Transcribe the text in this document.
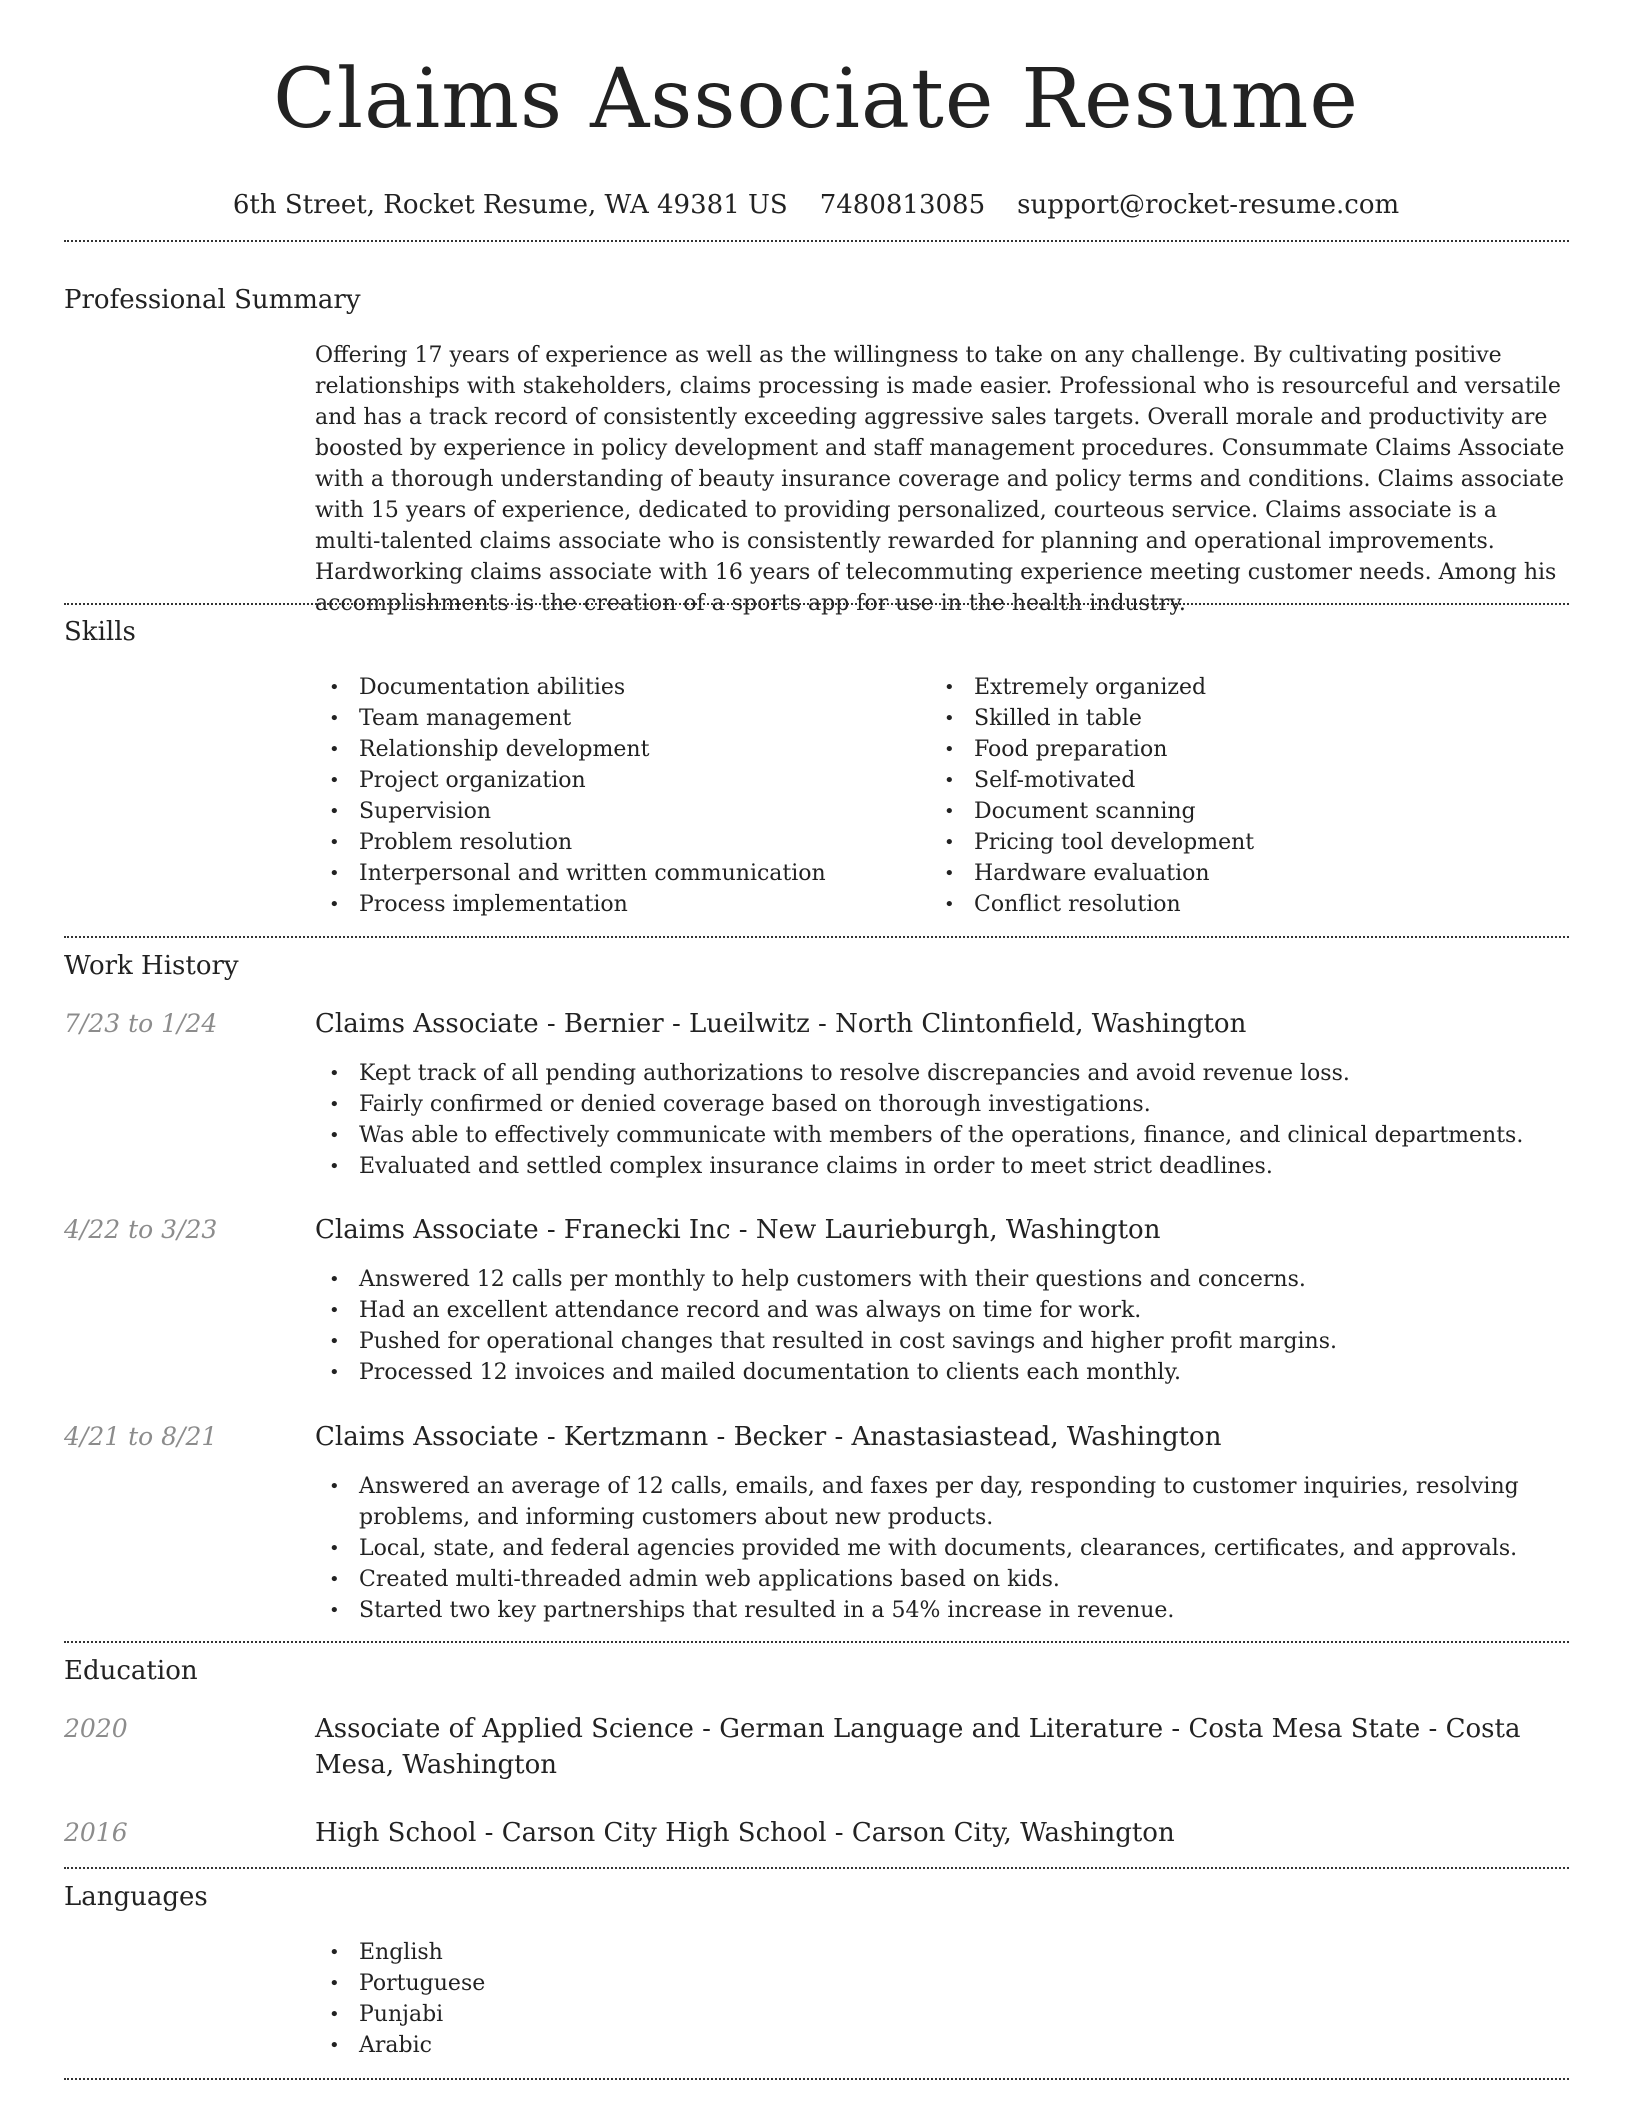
Claims Associate Resume
6th Street, Rocket Resume, WA 49381 US 7480813085 support@rocket-resume.com
Professional Summary

Offering 17 years of experience as well as the willingness to take on any challenge. By cultivating positive relationships with stakeholders, claims processing is made easier. Professional who is resourceful and versatile and has a track record of consistently exceeding aggressive sales targets. Overall morale and productivity are boosted by experience in policy development and staff management procedures. Consummate Claims Associate with a thorough understanding of beauty insurance coverage and policy terms and conditions. Claims associate with 15 years of experience, dedicated to providing personalized, courteous service. Claims associate is a multi-talented claims associate who is consistently rewarded for planning and operational improvements. Hardworking claims associate with 16 years of telecommuting experience meeting customer needs. Among his accomplishments is the creation of a sports app for use in the health industry.

Skills
• Documentation abilities
• Team management
• Relationship development
• Project organization
• Supervision
• Problem resolution
• Interpersonal and written communication
• Process implementation
• Extremely organized
• Skilled in table
• Food preparation
• Self-motivated
• Document scanning
• Pricing tool development
• Hardware evaluation
• Conflict resolution
Work History
7/23 to 1/24	Claims Associate - Bernier - Lueilwitz - North Clintonfield, Washington
• Kept track of all pending authorizations to resolve discrepancies and avoid revenue loss.
• Fairly confirmed or denied coverage based on thorough investigations.
• Was able to effectively communicate with members of the operations, finance, and clinical departments.
• Evaluated and settled complex insurance claims in order to meet strict deadlines.
4/22 to 3/23	Claims Associate - Franecki Inc - New Laurieburgh, Washington
• Answered 12 calls per monthly to help customers with their questions and concerns.
• Had an excellent attendance record and was always on time for work.
• Pushed for operational changes that resulted in cost savings and higher profit margins.
• Processed 12 invoices and mailed documentation to clients each monthly.
4/21 to 8/21	Claims Associate - Kertzmann - Becker - Anastasiastead, Washington
• Answered an average of 12 calls, emails, and faxes per day, responding to customer inquiries, resolving problems, and informing customers about new products.
• Local, state, and federal agencies provided me with documents, clearances, certificates, and approvals.
• Created multi-threaded admin web applications based on kids.
• Started two key partnerships that resulted in a 54% increase in revenue.
Education
2020	Associate of Applied Science - German Language and Literature - Costa Mesa State - Costa Mesa, Washington
2016	High School - Carson City High School - Carson City, Washington
Languages
• English
• Portuguese
• Punjabi
• Arabic
